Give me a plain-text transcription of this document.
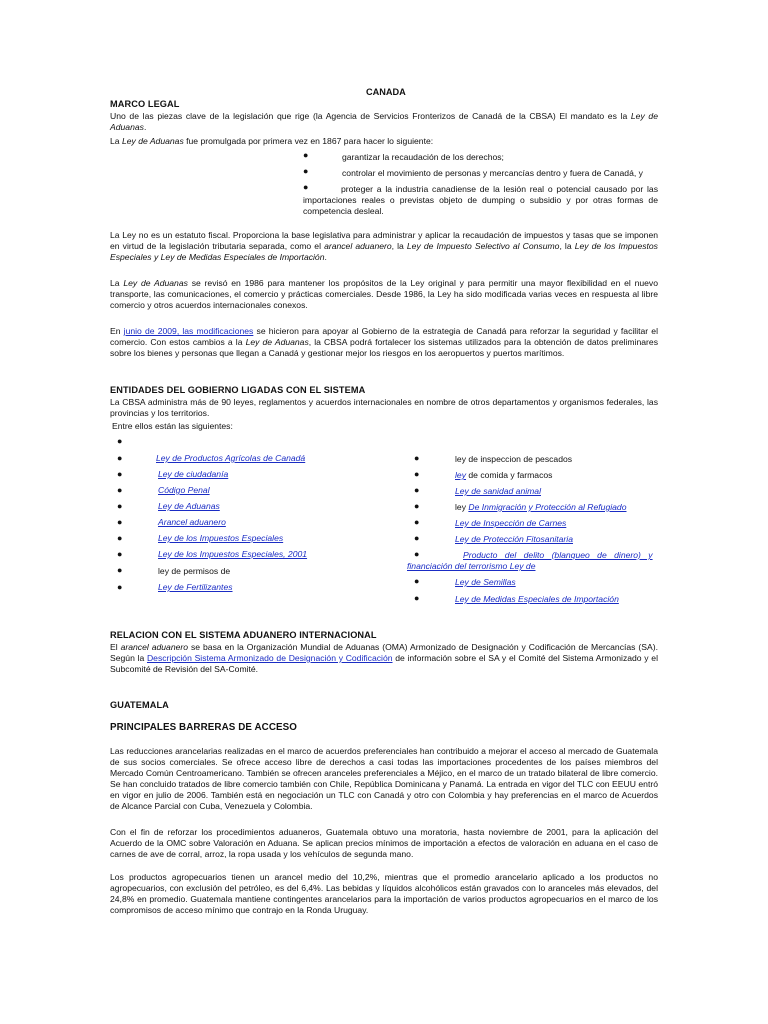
CANADA
MARCO LEGAL
Uno de las piezas clave de la legislación que rige (la Agencia de Servicios Fronterizos de Canadá de la CBSA) El mandato es la Ley de Aduanas.
La Ley de Aduanas fue promulgada por primera vez en 1867 para hacer lo siguiente:
●	garantizar la recaudación de los derechos;
●	controlar el movimiento de personas y mercancías dentro y fuera de Canadá, y
●	proteger a la industria canadiense de la lesión real o potencial causado por las importaciones reales o previstas objeto de dumping o subsidio y por otras formas de competencia desleal.
La Ley no es un estatuto fiscal. Proporciona la base legislativa para administrar y aplicar la recaudación de impuestos y tasas que se imponen en virtud de la legislación tributaria separada, como el arancel aduanero, la Ley de Impuesto Selectivo al Consumo, la Ley de los Impuestos Especiales y Ley de Medidas Especiales de Importación.
La Ley de Aduanas se revisó en 1986 para mantener los propósitos de la Ley original y para permitir una mayor flexibilidad en el nuevo transporte, las comunicaciones, el comercio y prácticas comerciales. Desde 1986, la Ley ha sido modificada varias veces en respuesta al libre comercio y otros acuerdos internacionales conexos.
En junio de 2009, las modificaciones se hicieron para apoyar al Gobierno de la estrategia de Canadá para reforzar la seguridad y facilitar el comercio. Con estos cambios a la Ley de Aduanas, la CBSA podrá fortalecer los sistemas utilizados para la obtención de datos preliminares sobre los bienes y personas que llegan a Canadá y gestionar mejor los riesgos en los aeropuertos y puertos marítimos.
ENTIDADES DEL GOBIERNO LIGADAS CON EL SISTEMA
La CBSA administra más de 90 leyes, reglamentos y acuerdos internacionales en nombre de otros departamentos y organismos federales, las provincias y los territorios.
Entre ellos están las siguientes:
●
●	Ley de Productos Agrícolas de Canadá
●	Ley de ciudadanía
●	Código Penal
●	Ley de Aduanas
●	Arancel aduanero
●	Ley de los Impuestos Especiales
●	Ley de los Impuestos Especiales, 2001
●	ley de permisos de
●	Ley de Fertilizantes
●	ley de inspeccion de pescados
●	ley de comida y farmacos
●	Ley de sanidad animal
●	ley De Inmigración y Protección al Refugiado
●	Ley de Inspección de Carnes
●	Ley de Protección Fitosanitaria
●	Producto del delito (blanqueo de dinero) y
financiación del terrorismo Ley de
●	Ley de Semillas
●	Ley de Medidas Especiales de Importación
RELACION CON EL SISTEMA ADUANERO INTERNACIONAL
El arancel aduanero se basa en la Organización Mundial de Aduanas (OMA) Armonizado de Designación y Codificación de Mercancías (SA). Según la Descripción Sistema Armonizado de Designación y Codificación de información sobre el SA y el Comité del Sistema Armonizado y el Subcomité de Revisión del SA-Comité.
GUATEMALA
PRINCIPALES BARRERAS DE ACCESO
Las reducciones arancelarias realizadas en el marco de acuerdos preferenciales han contribuido a mejorar el acceso al mercado de Guatemala de sus socios comerciales. Se ofrece acceso libre de derechos a casi todas las importaciones procedentes de los países miembros del Mercado Común Centroamericano. También se ofrecen aranceles preferenciales a Méjico, en el marco de un tratado bilateral de libre comercio. Se han concluido tratados de libre comercio también con Chile, República Dominicana y Panamá. La entrada en vigor del TLC con EEUU entró en vigor en julio de 2006. También está en negociación un TLC con Canadá y otro con Colombia y hay preferencias en el marco de Acuerdos de Alcance Parcial con Cuba, Venezuela y Colombia.
Con el fin de reforzar los procedimientos aduaneros, Guatemala obtuvo una moratoria, hasta noviembre de 2001, para la aplicación del Acuerdo de la OMC sobre Valoración en Aduana. Se aplican precios mínimos de importación a efectos de valoración en aduana en el caso de carnes de ave de corral, arroz, la ropa usada y los vehículos de segunda mano.
Los productos agropecuarios tienen un arancel medio del 10,2%, mientras que el promedio arancelario aplicado a los productos no agropecuarios, con exclusión del petróleo, es del 6,4%. Las bebidas y líquidos alcohólicos están gravados con lo aranceles más elevados, del 24,8% en promedio. Guatemala mantiene contingentes arancelarios para la importación de varios productos agropecuarios en el marco de los compromisos de acceso mínimo que contrajo en la Ronda Uruguay.
